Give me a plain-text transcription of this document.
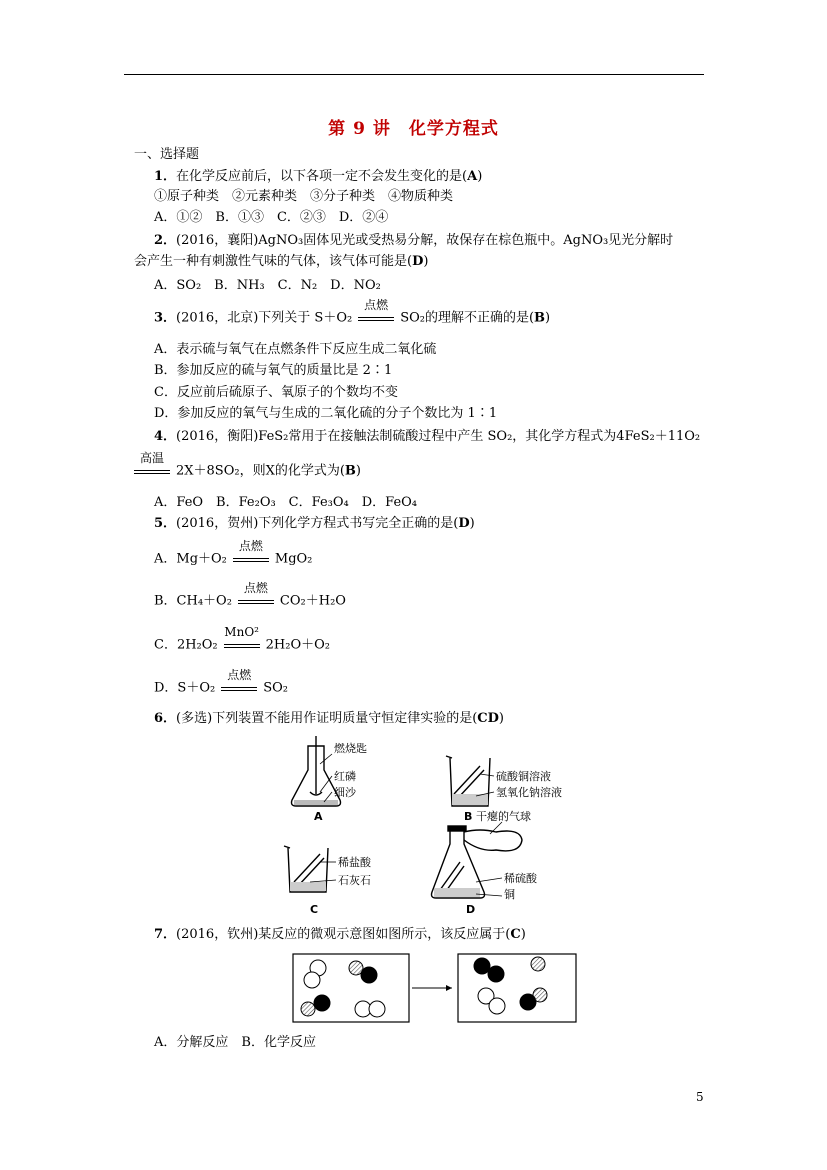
第 9 讲　化学方程式
一、选择题
1．在化学反应前后，以下各项一定不会发生变化的是(A)
①原子种类　②元素种类　③分子种类　④物质种类
A．①②　B．①③　C．②③　D．②④
2．(2016，襄阳)AgNO₃固体见光或受热易分解，故保存在棕色瓶中。AgNO₃见光分解时
会产生一种有刺激性气味的气体，该气体可能是(D)
A．SO₂　B．NH₃　C．N₂　D．NO₂
3．(2016，北京)下列关于 S＋O₂
点燃
SO₂的理解不正确的是(B)
A．表示硫与氧气在点燃条件下反应生成二氧化硫
B．参加反应的硫与氧气的质量比是 2∶1
C．反应前后硫原子、氧原子的个数均不变
D．参加反应的氧气与生成的二氧化硫的分子个数比为 1∶1
4．(2016，衡阳)FeS₂常用于在接触法制硫酸过程中产生 SO₂，其化学方程式为4FeS₂＋11O₂
高温
2X＋8SO₂，则X的化学式为(B)
A．FeO　B．Fe₂O₃　C．Fe₃O₄　D．FeO₄
5．(2016，贺州)下列化学方程式书写完全正确的是(D)
A．Mg＋O₂
点燃
MgO₂
B．CH₄＋O₂
点燃
CO₂＋H₂O
C．2H₂O₂
MnO²
2H₂O＋O₂
D．S＋O₂
点燃
SO₂
6．(多选)下列装置不能用作证明质量守恒定律实验的是(CD)
燃烧匙
红磷
细沙
A
硫酸铜溶液
氢氧化钠溶液
B
稀盐酸
石灰石
C
干瘪的气球
稀硫酸
铜
D
7．(2016，钦州)某反应的微观示意图如图所示，该反应属于(C)
A．分解反应　B．化学反应
5
